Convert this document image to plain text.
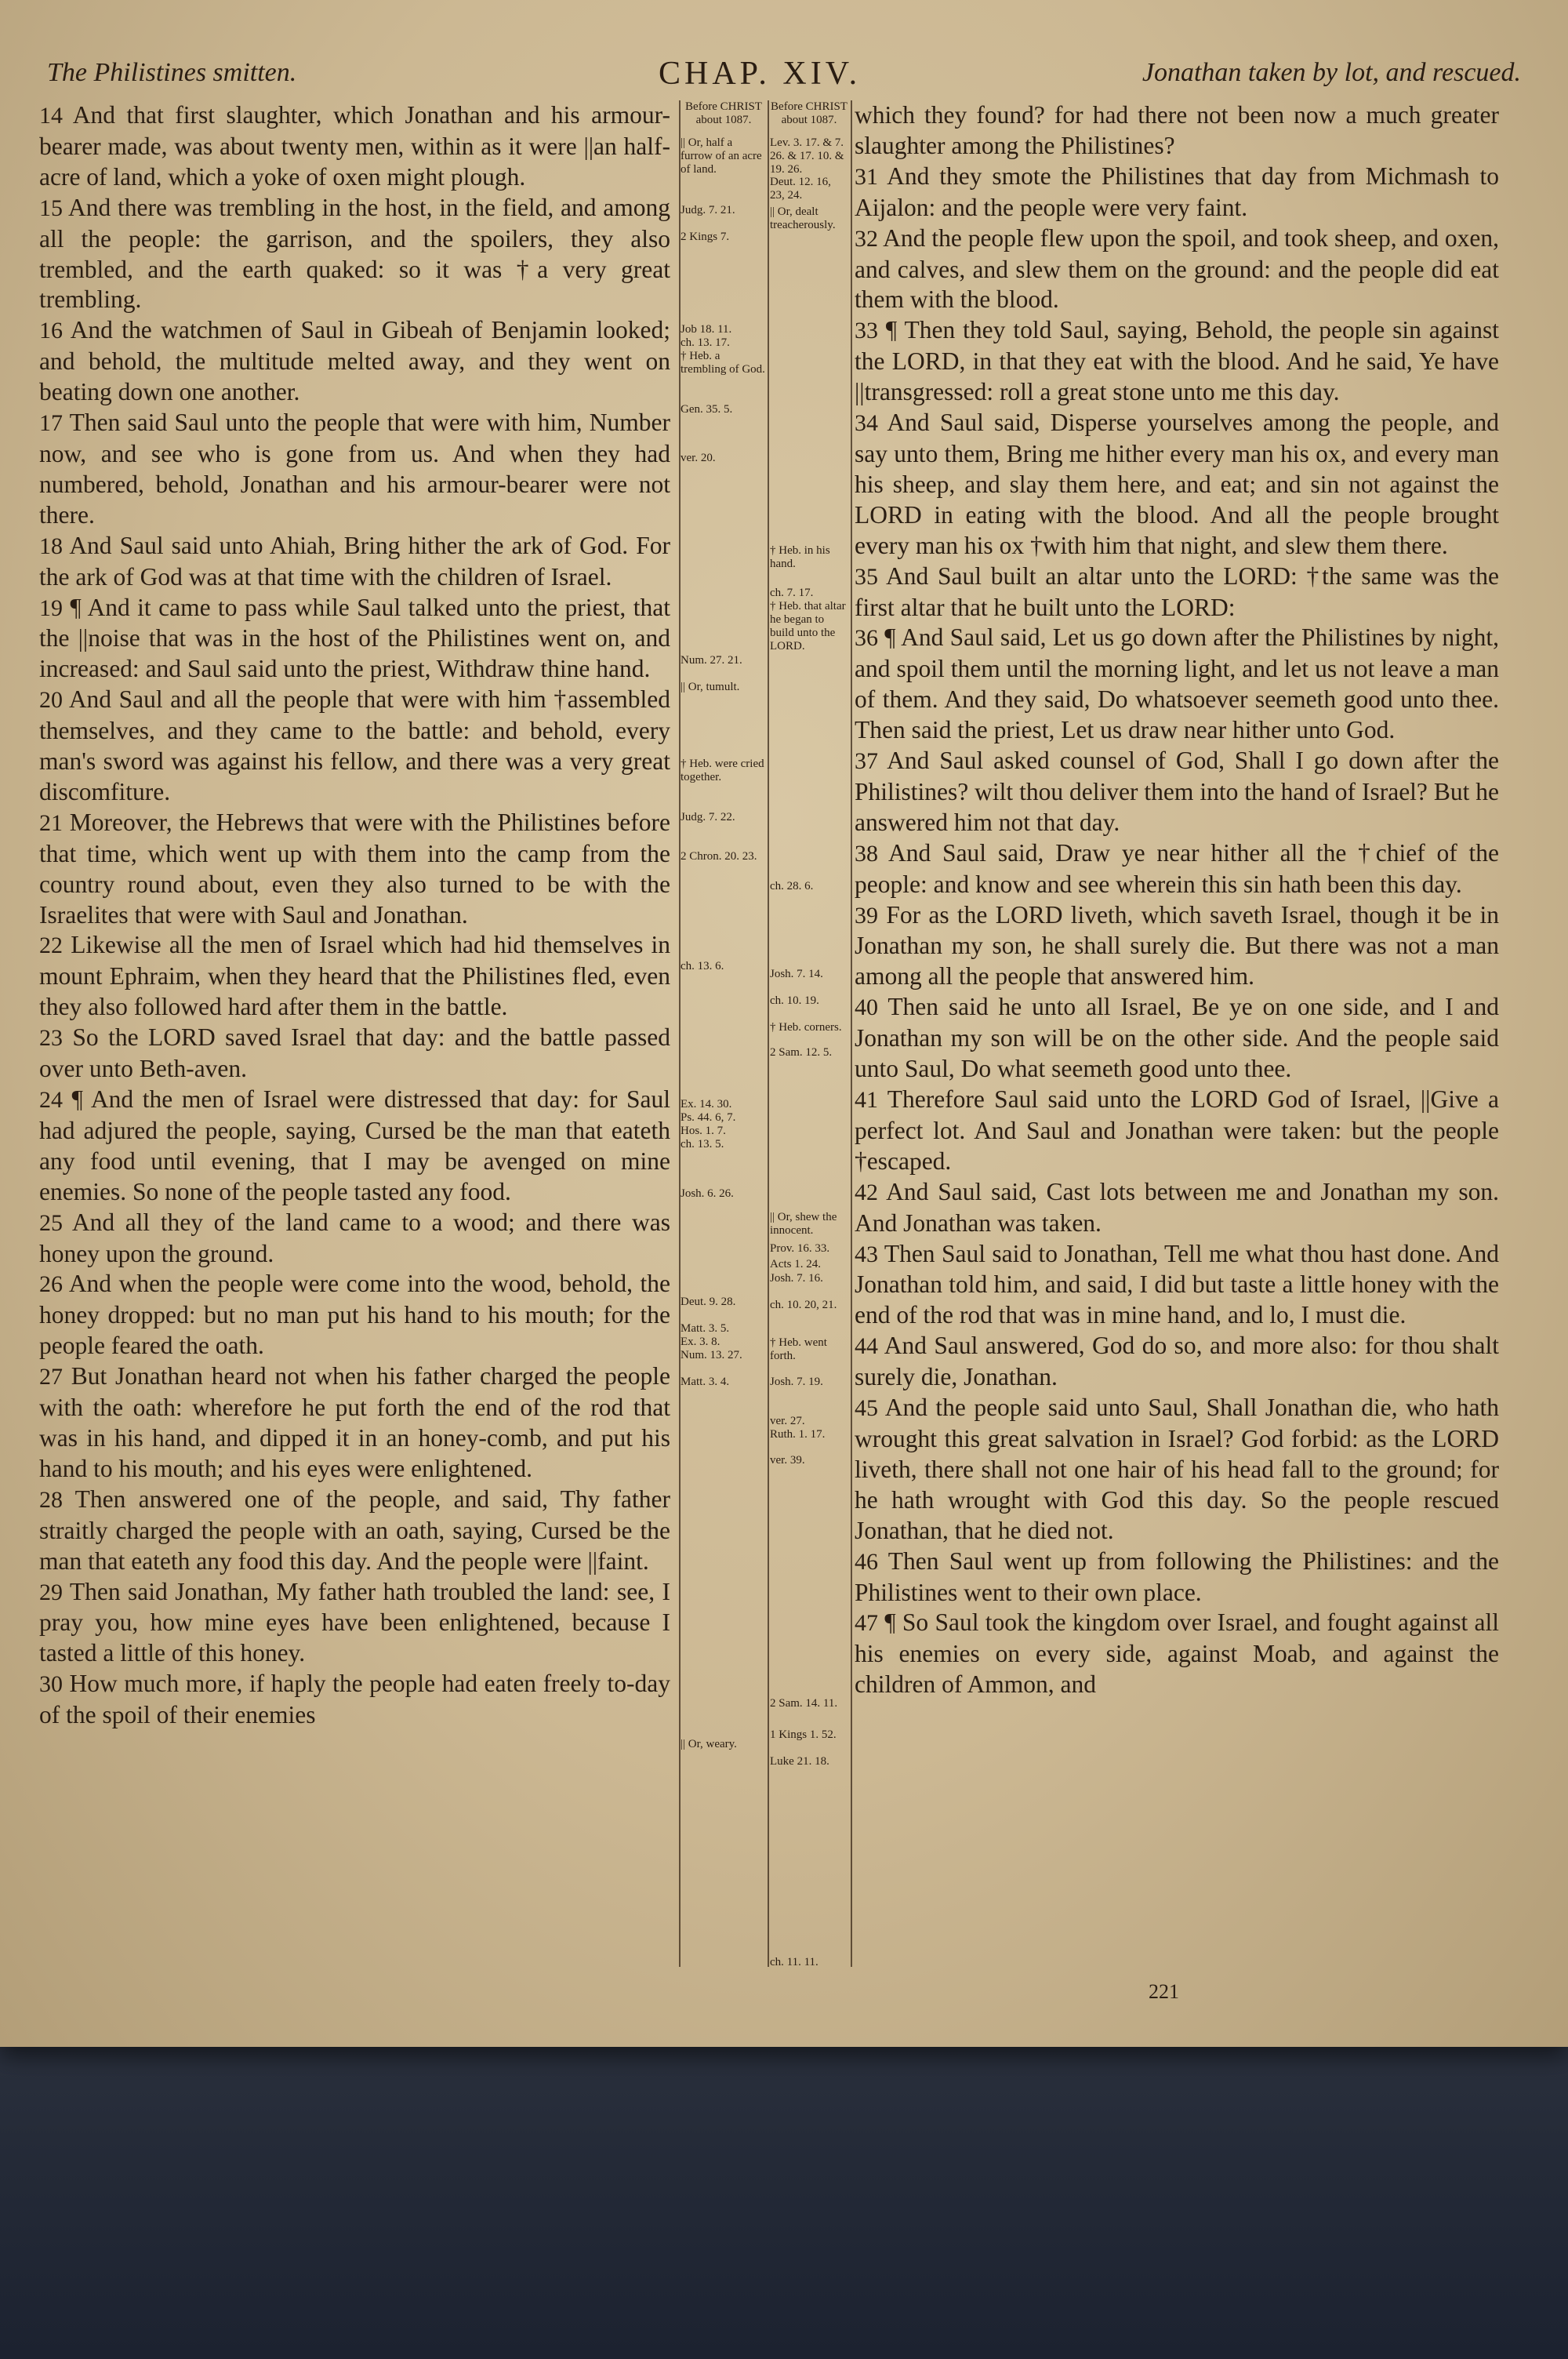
The Philistines smitten.	CHAP. XIV.	Jonathan taken by lot, and rescued.

14 And that first slaughter, which Jonathan and his armour-bearer made, was about twenty men, within as it were ||an half-acre of land, which a yoke of oxen might plough.

15 And there was trembling in the host, in the field, and among all the people: the garrison, and the spoilers, they also trembled, and the earth quaked: so it was †a very great trembling.

16 And the watchmen of Saul in Gibeah of Benjamin looked; and behold, the multitude melted away, and they went on beating down one another.

17 Then said Saul unto the people that were with him, Number now, and see who is gone from us. And when they had numbered, behold, Jonathan and his armour-bearer were not there.

18 And Saul said unto Ahiah, Bring hither the ark of God. For the ark of God was at that time with the children of Israel.

19 ¶ And it came to pass while Saul talked unto the priest, that the ||noise that was in the host of the Philistines went on, and increased: and Saul said unto the priest, Withdraw thine hand.

20 And Saul and all the people that were with him †assembled themselves, and they came to the battle: and behold, every man's sword was against his fellow, and there was a very great discomfiture.

21 Moreover, the Hebrews that were with the Philistines before that time, which went up with them into the camp from the country round about, even they also turned to be with the Israelites that were with Saul and Jonathan.

22 Likewise all the men of Israel which had hid themselves in mount Ephraim, when they heard that the Philistines fled, even they also followed hard after them in the battle.

23 So the LORD saved Israel that day: and the battle passed over unto Beth-aven.

24 ¶ And the men of Israel were distressed that day: for Saul had adjured the people, saying, Cursed be the man that eateth any food until evening, that I may be avenged on mine enemies. So none of the people tasted any food.

25 And all they of the land came to a wood; and there was honey upon the ground.

26 And when the people were come into the wood, behold, the honey dropped: but no man put his hand to his mouth; for the people feared the oath.

27 But Jonathan heard not when his father charged the people with the oath: wherefore he put forth the end of the rod that was in his hand, and dipped it in an honey-comb, and put his hand to his mouth; and his eyes were enlightened.

28 Then answered one of the people, and said, Thy father straitly charged the people with an oath, saying, Cursed be the man that eateth any food this day. And the people were ||faint.

29 Then said Jonathan, My father hath troubled the land: see, I pray you, how mine eyes have been enlightened, because I tasted a little of this honey.

30 How much more, if haply the people had eaten freely to-day of the spoil of their enemies

which they found? for had there not been now a much greater slaughter among the Philistines?

31 And they smote the Philistines that day from Michmash to Aijalon: and the people were very faint.

32 And the people flew upon the spoil, and took sheep, and oxen, and calves, and slew them on the ground: and the people did eat them with the blood.

33 ¶ Then they told Saul, saying, Behold, the people sin against the LORD, in that they eat with the blood. And he said, Ye have ||transgressed: roll a great stone unto me this day.

34 And Saul said, Disperse yourselves among the people, and say unto them, Bring me hither every man his ox, and every man his sheep, and slay them here, and eat; and sin not against the LORD in eating with the blood. And all the people brought every man his ox †with him that night, and slew them there.

35 And Saul built an altar unto the LORD: †the same was the first altar that he built unto the LORD:

36 ¶ And Saul said, Let us go down after the Philistines by night, and spoil them until the morning light, and let us not leave a man of them. And they said, Do whatsoever seemeth good unto thee. Then said the priest, Let us draw near hither unto God.

37 And Saul asked counsel of God, Shall I go down after the Philistines? wilt thou deliver them into the hand of Israel? But he answered him not that day.

38 And Saul said, Draw ye near hither all the †chief of the people: and know and see wherein this sin hath been this day.

39 For as the LORD liveth, which saveth Israel, though it be in Jonathan my son, he shall surely die. But there was not a man among all the people that answered him.

40 Then said he unto all Israel, Be ye on one side, and I and Jonathan my son will be on the other side. And the people said unto Saul, Do what seemeth good unto thee.

41 Therefore Saul said unto the LORD God of Israel, ||Give a perfect lot. And Saul and Jonathan were taken: but the people †escaped.

42 And Saul said, Cast lots between me and Jonathan my son. And Jonathan was taken.

43 Then Saul said to Jonathan, Tell me what thou hast done. And Jonathan told him, and said, I did but taste a little honey with the end of the rod that was in mine hand, and lo, I must die.

44 And Saul answered, God do so, and more also: for thou shalt surely die, Jonathan.

45 And the people said unto Saul, Shall Jonathan die, who hath wrought this great salvation in Israel? God forbid: as the LORD liveth, there shall not one hair of his head fall to the ground; for he hath wrought with God this day. So the people rescued Jonathan, that he died not.

46 Then Saul went up from following the Philistines: and the Philistines went to their own place.

47 ¶ So Saul took the kingdom over Israel, and fought against all his enemies on every side, against Moab, and against the children of Ammon, and

Before CHRIST about 1087.
|| Or, half a furrow of an acre of land.
Judg. 7. 21.
2 Kings 7.
Job 18. 11.
ch. 13. 17.
† Heb. a trembling of God.
Gen. 35. 5.
ver. 20.
Num. 27. 21.
|| Or, tumult.
† Heb. were cried together.
Judg. 7. 22.
2 Chron. 20. 23.
ch. 13. 6.
Ex. 14. 30.
Ps. 44. 6, 7.
Hos. 1. 7.
ch. 13. 5.
Josh. 6. 26.
Deut. 9. 28.
Matt. 3. 5.
Ex. 3. 8.
Num. 13. 27.
Matt. 3. 4.
|| Or, weary.
Before CHRIST about 1087.
Lev. 3. 17. & 7. 26. & 17. 10. & 19. 26.
Deut. 12. 16, 23, 24.
|| Or, dealt treacherously.
† Heb. in his hand.
ch. 7. 17.
† Heb. that altar he began to build unto the LORD.
ch. 28. 6.
Josh. 7. 14.
ch. 10. 19.
† Heb. corners.
2 Sam. 12. 5.
|| Or, shew the innocent.
Prov. 16. 33.
Acts 1. 24.
Josh. 7. 16.
ch. 10. 20, 21.
† Heb. went forth.
Josh. 7. 19.
ver. 27.
Ruth. 1. 17.
ver. 39.
2 Sam. 14. 11.
1 Kings 1. 52.
Luke 21. 18.
ch. 11. 11.
221
